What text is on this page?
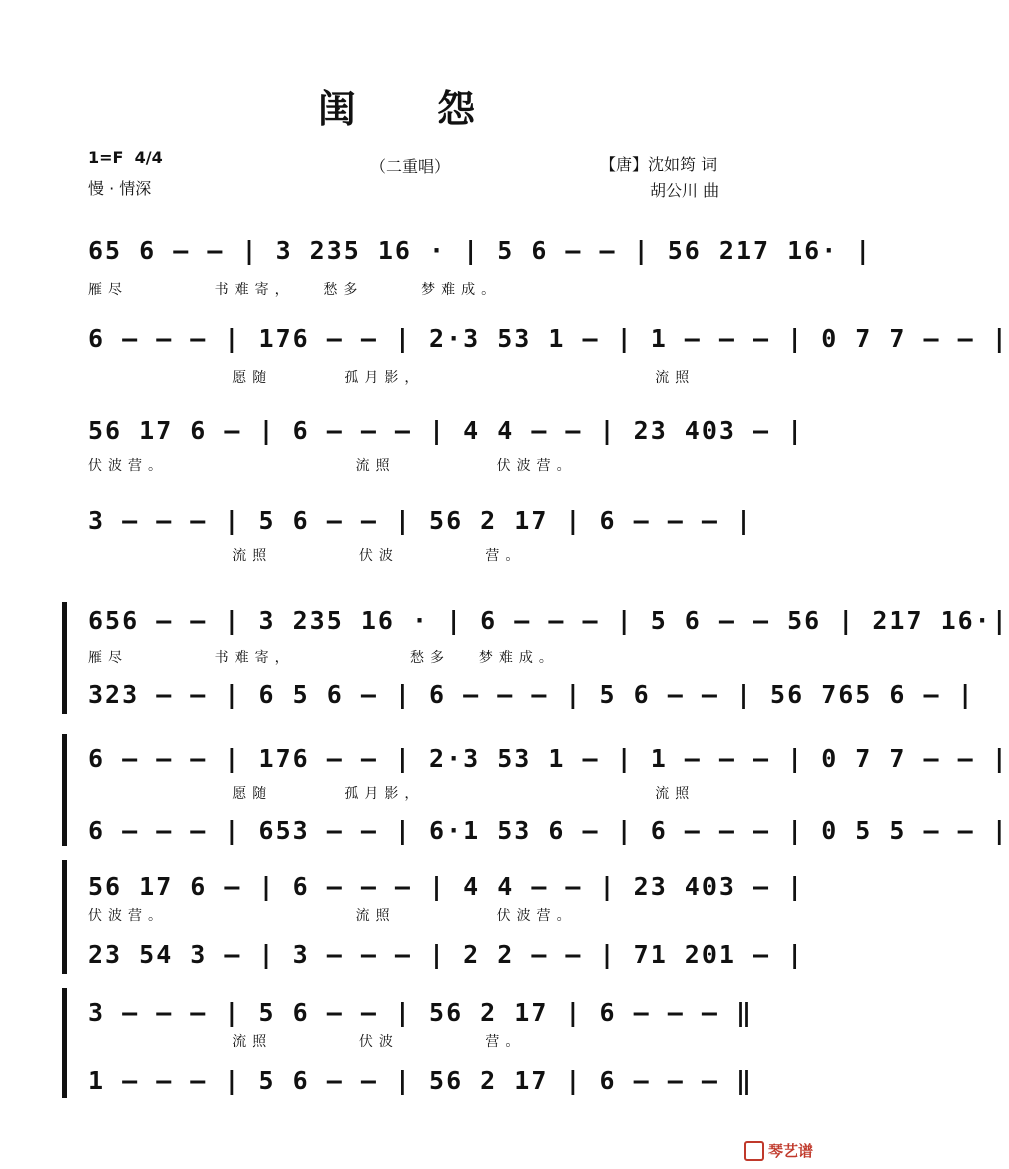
闺 怨
1=F 4/4
慢 · 情深
（二重唱）	【唐】沈如筠 词
胡公川 曲
65 6 — — | 3 235 16 · | 5 6 — — | 56 217 16· |
雁尽      书难寄，  愁多    梦难成。
6 — — — | 176 — — | 2·3 53 1 — | 1 — — — | 0 7 7 — — |
愿随     孤月影，                流照
56 17 6 — | 6 — — — | 4 4 — — | 23 403 — |
伏波营。             流照       伏波营。
3 — — — | 5 6 — — | 56 2 17 | 6 — — — |
流照      伏波      营。
656 — — | 3 235 16 · | 6 — — — | 5 6 — — 56 | 217 16·|
雁尽      书难寄，        愁多  梦难成。
323 — — | 6 5 6 — | 6 — — — | 5 6 — — | 56 765 6 — |
6 — — — | 176 — — | 2·3 53 1 — | 1 — — — | 0 7 7 — — |
愿随     孤月影，                流照
6 — — — | 653 — — | 6·1 53 6 — | 6 — — — | 0 5 5 — — |
56 17 6 — | 6 — — — | 4 4 — — | 23 403 — |
伏波营。             流照       伏波营。
23 54 3 — | 3 — — — | 2 2 — — | 71 201 — |
3 — — — | 5 6 — — | 56 2 17 | 6 — — — ‖
流照      伏波      营。
1 — — — | 5 6 — — | 56 2 17 | 6 — — — ‖
琴艺谱
